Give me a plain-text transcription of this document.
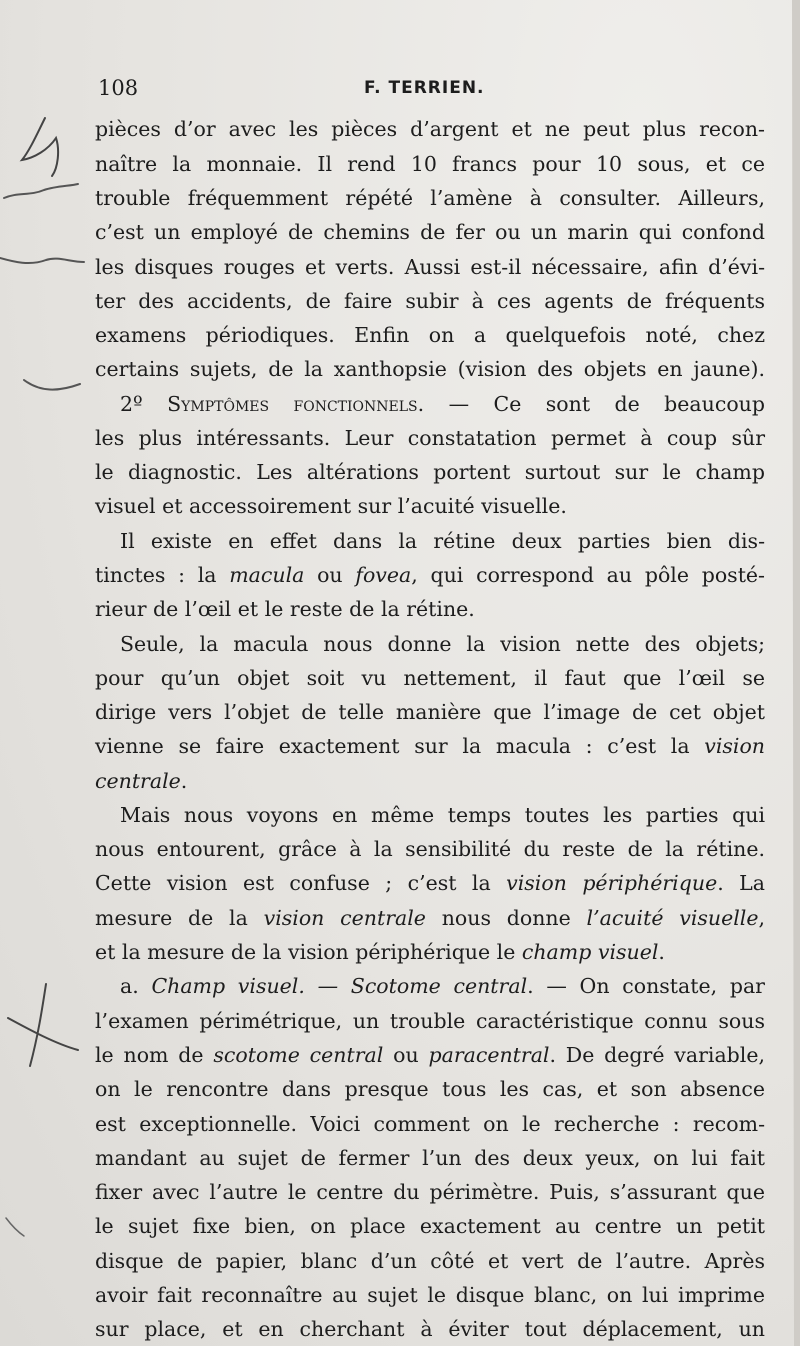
108	F. TERRIEN.
pièces d’or avec les pièces d’argent et ne peut plus recon-
naître la monnaie. Il rend 10 francs pour 10 sous, et ce
trouble fréquemment répété l’amène à consulter. Ailleurs,
c’est un employé de chemins de fer ou un marin qui confond
les disques rouges et verts. Aussi est-il nécessaire, afin d’évi-
ter des accidents, de faire subir à ces agents de fréquents
examens périodiques. Enfin on a quelquefois noté, chez
certains sujets, de la xanthopsie (vision des objets en jaune).
2º Symptômes fonctionnels. — Ce sont de beaucoup
les plus intéressants. Leur constatation permet à coup sûr
le diagnostic. Les altérations portent surtout sur le champ
visuel et accessoirement sur l’acuité visuelle.
Il existe en effet dans la rétine deux parties bien dis-
tinctes : la macula ou fovea, qui correspond au pôle posté-
rieur de l’œil et le reste de la rétine.
Seule, la macula nous donne la vision nette des objets;
pour qu’un objet soit vu nettement, il faut que l’œil se
dirige vers l’objet de telle manière que l’image de cet objet
vienne se faire exactement sur la macula : c’est la vision
centrale.
Mais nous voyons en même temps toutes les parties qui
nous entourent, grâce à la sensibilité du reste de la rétine.
Cette vision est confuse ; c’est la vision périphérique. La
mesure de la vision centrale nous donne l’acuité visuelle,
et la mesure de la vision périphérique le champ visuel.
a. Champ visuel. — Scotome central. — On constate, par
l’examen périmétrique, un trouble caractéristique connu sous
le nom de scotome central ou paracentral. De degré variable,
on le rencontre dans presque tous les cas, et son absence
est exceptionnelle. Voici comment on le recherche : recom-
mandant au sujet de fermer l’un des deux yeux, on lui fait
fixer avec l’autre le centre du périmètre. Puis, s’assurant que
le sujet fixe bien, on place exactement au centre un petit
disque de papier, blanc d’un côté et vert de l’autre. Après
avoir fait reconnaître au sujet le disque blanc, on lui imprime
sur place, et en cherchant à éviter tout déplacement, un
